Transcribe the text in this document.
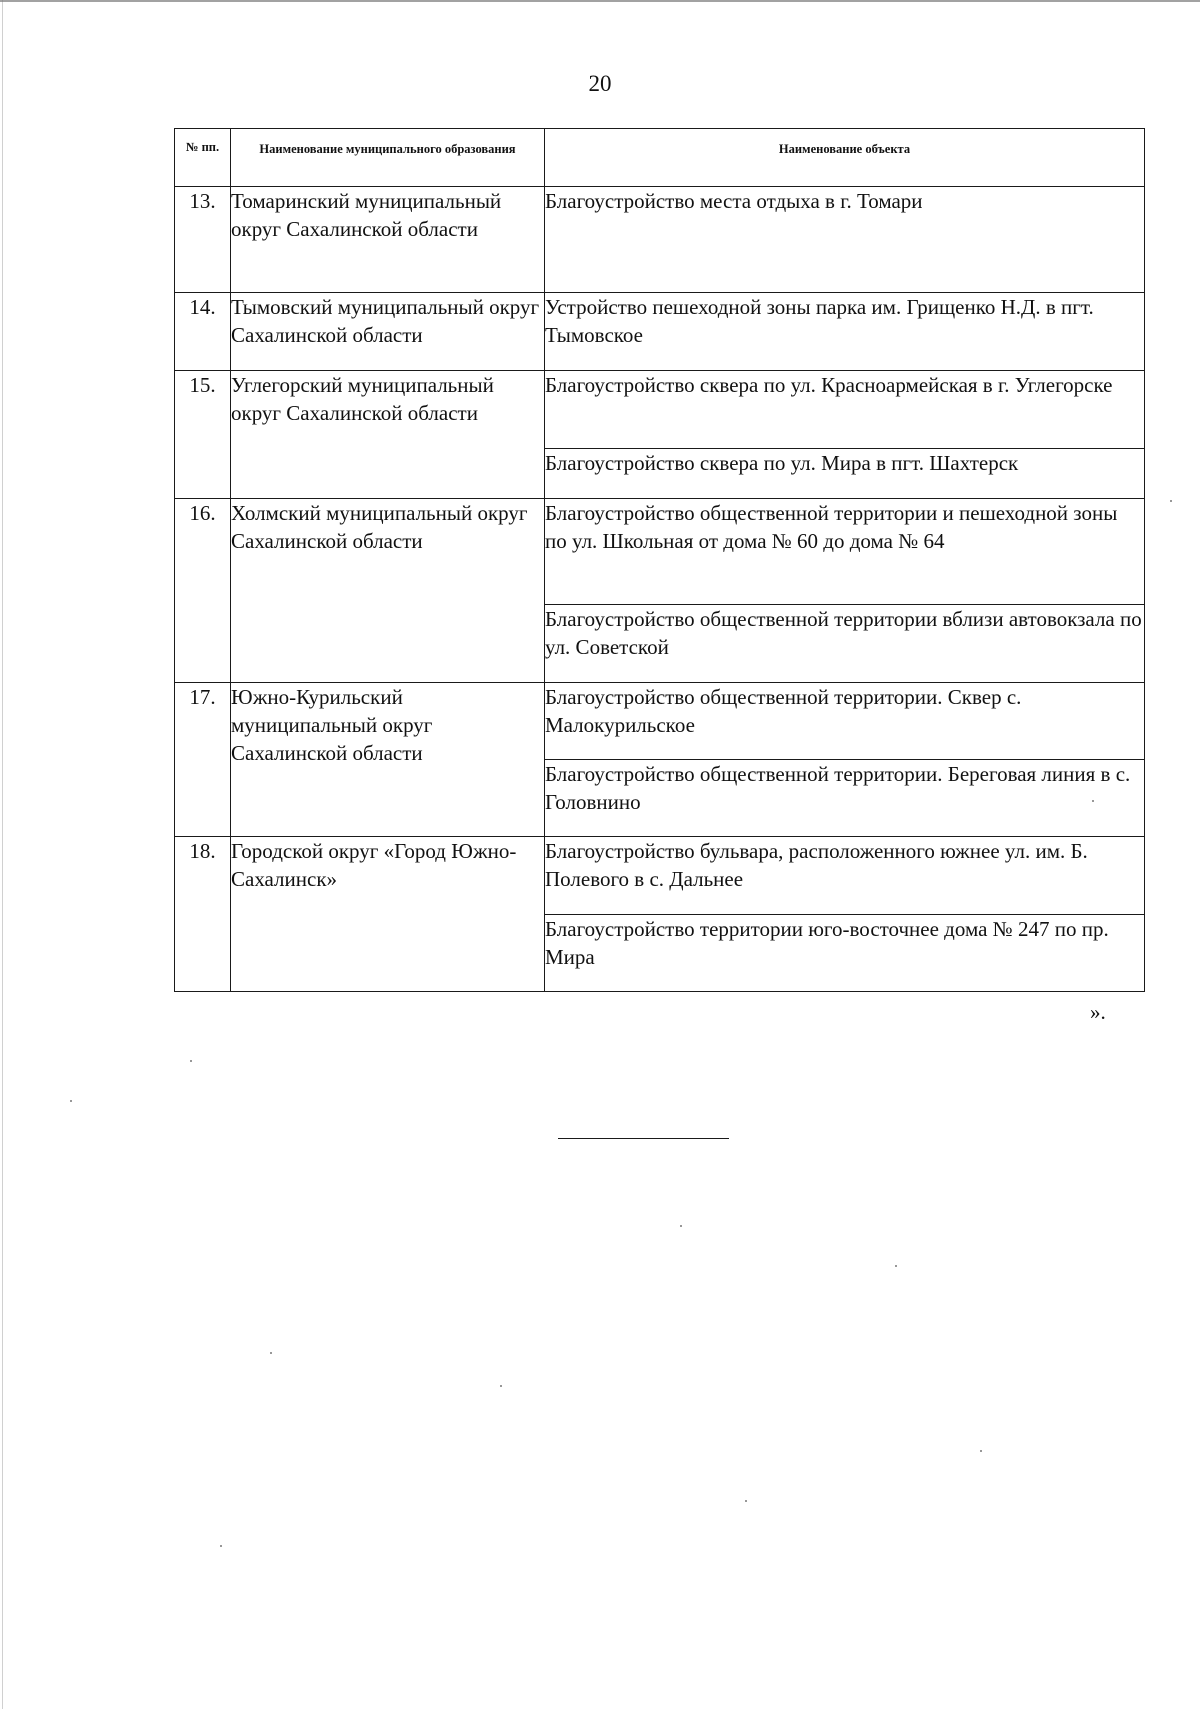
20
№ пп.	Наименование муниципального образования	Наименование объекта
13.	Томаринский муниципальный округ Сахалинской области	Благоустройство места отдыха в г. Томари
14.	Тымовский муниципальный округ Сахалинской области	Устройство пешеходной зоны парка им. Грищенко Н.Д. в пгт. Тымовское
15.	Углегорский муниципальный округ Сахалинской области	Благоустройство сквера по ул. Красноармейская в г. Углегорске
		Благоустройство сквера по ул. Мира в пгт. Шахтерск
16.	Холмский муниципальный округ Сахалинской области	Благоустройство общественной территории и пешеходной зоны по ул. Школьная от дома № 60 до дома № 64
		Благоустройство общественной территории вблизи автовокзала по ул. Советской
17.	Южно-Курильский муниципальный округ Сахалинской области	Благоустройство общественной территории. Сквер с. Малокурильское
		Благоустройство общественной территории. Береговая линия в с. Головнино
18.	Городской округ «Город Южно-Сахалинск»	Благоустройство бульвара, расположенного южнее ул. им. Б. Полевого в с. Дальнее
		Благоустройство территории юго-восточнее дома № 247 по пр. Мира
».
